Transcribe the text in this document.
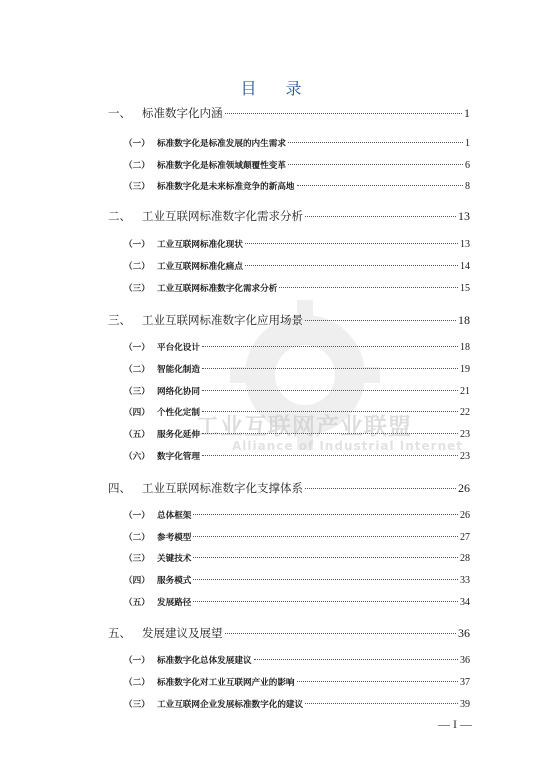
目 录
工业互联网产业联盟
Alliance of Industrial Internet
一、 标准数字化内涵	1
（一） 标准数字化是标准发展的内生需求	1
（二） 标准数字化是标准领域颠覆性变革	6
（三） 标准数字化是未来标准竞争的新高地	8
二、 工业互联网标准数字化需求分析	13
（一） 工业互联网标准化现状	13
（二） 工业互联网标准化痛点	14
（三） 工业互联网标准数字化需求分析	15
三、 工业互联网标准数字化应用场景	18
（一） 平台化设计	18
（二） 智能化制造	19
（三） 网络化协同	21
（四） 个性化定制	22
（五） 服务化延伸	23
（六） 数字化管理	23
四、 工业互联网标准数字化支撑体系	26
（一） 总体框架	26
（二） 参考模型	27
（三） 关键技术	28
（四） 服务模式	33
（五） 发展路径	34
五、 发展建议及展望	36
（一） 标准数字化总体发展建议	36
（二） 标准数字化对工业互联网产业的影响	37
（三） 工业互联网企业发展标准数字化的建议	39
— I —
